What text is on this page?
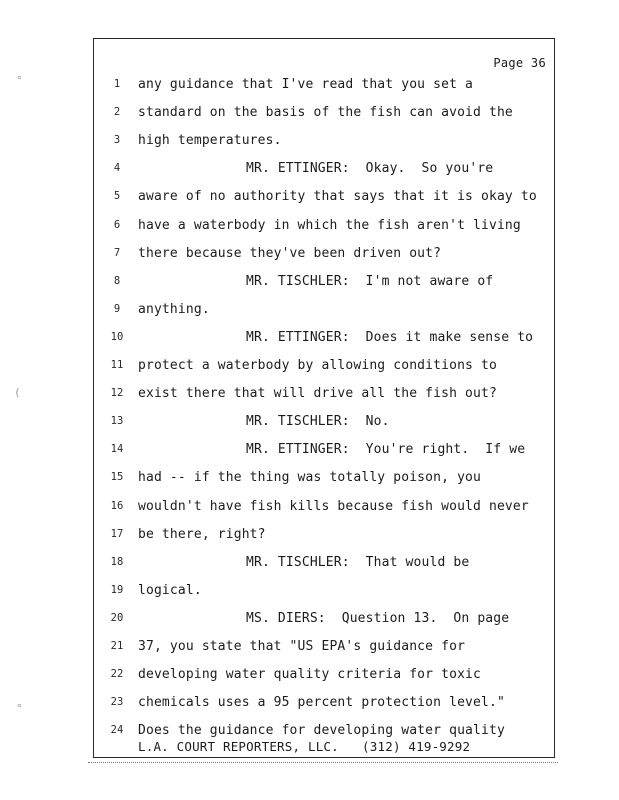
Page 36
1	any guidance that I've read that you set a
2	standard on the basis of the fish can avoid the
3	high temperatures.
4	MR. ETTINGER:  Okay.  So you're
5	aware of no authority that says that it is okay to
6	have a waterbody in which the fish aren't living
7	there because they've been driven out?
8	MR. TISCHLER:  I'm not aware of
9	anything.
10	MR. ETTINGER:  Does it make sense to
11	protect a waterbody by allowing conditions to
12	exist there that will drive all the fish out?
13	MR. TISCHLER:  No.
14	MR. ETTINGER:  You're right.  If we
15	had -- if the thing was totally poison, you
16	wouldn't have fish kills because fish would never
17	be there, right?
18	MR. TISCHLER:  That would be
19	logical.
20	MS. DIERS:  Question 13.  On page
21	37, you state that "US EPA's guidance for
22	developing water quality criteria for toxic
23	chemicals uses a 95 percent protection level."
24	Does the guidance for developing water quality
L.A. COURT REPORTERS, LLC.   (312) 419-9292
°
(
°
